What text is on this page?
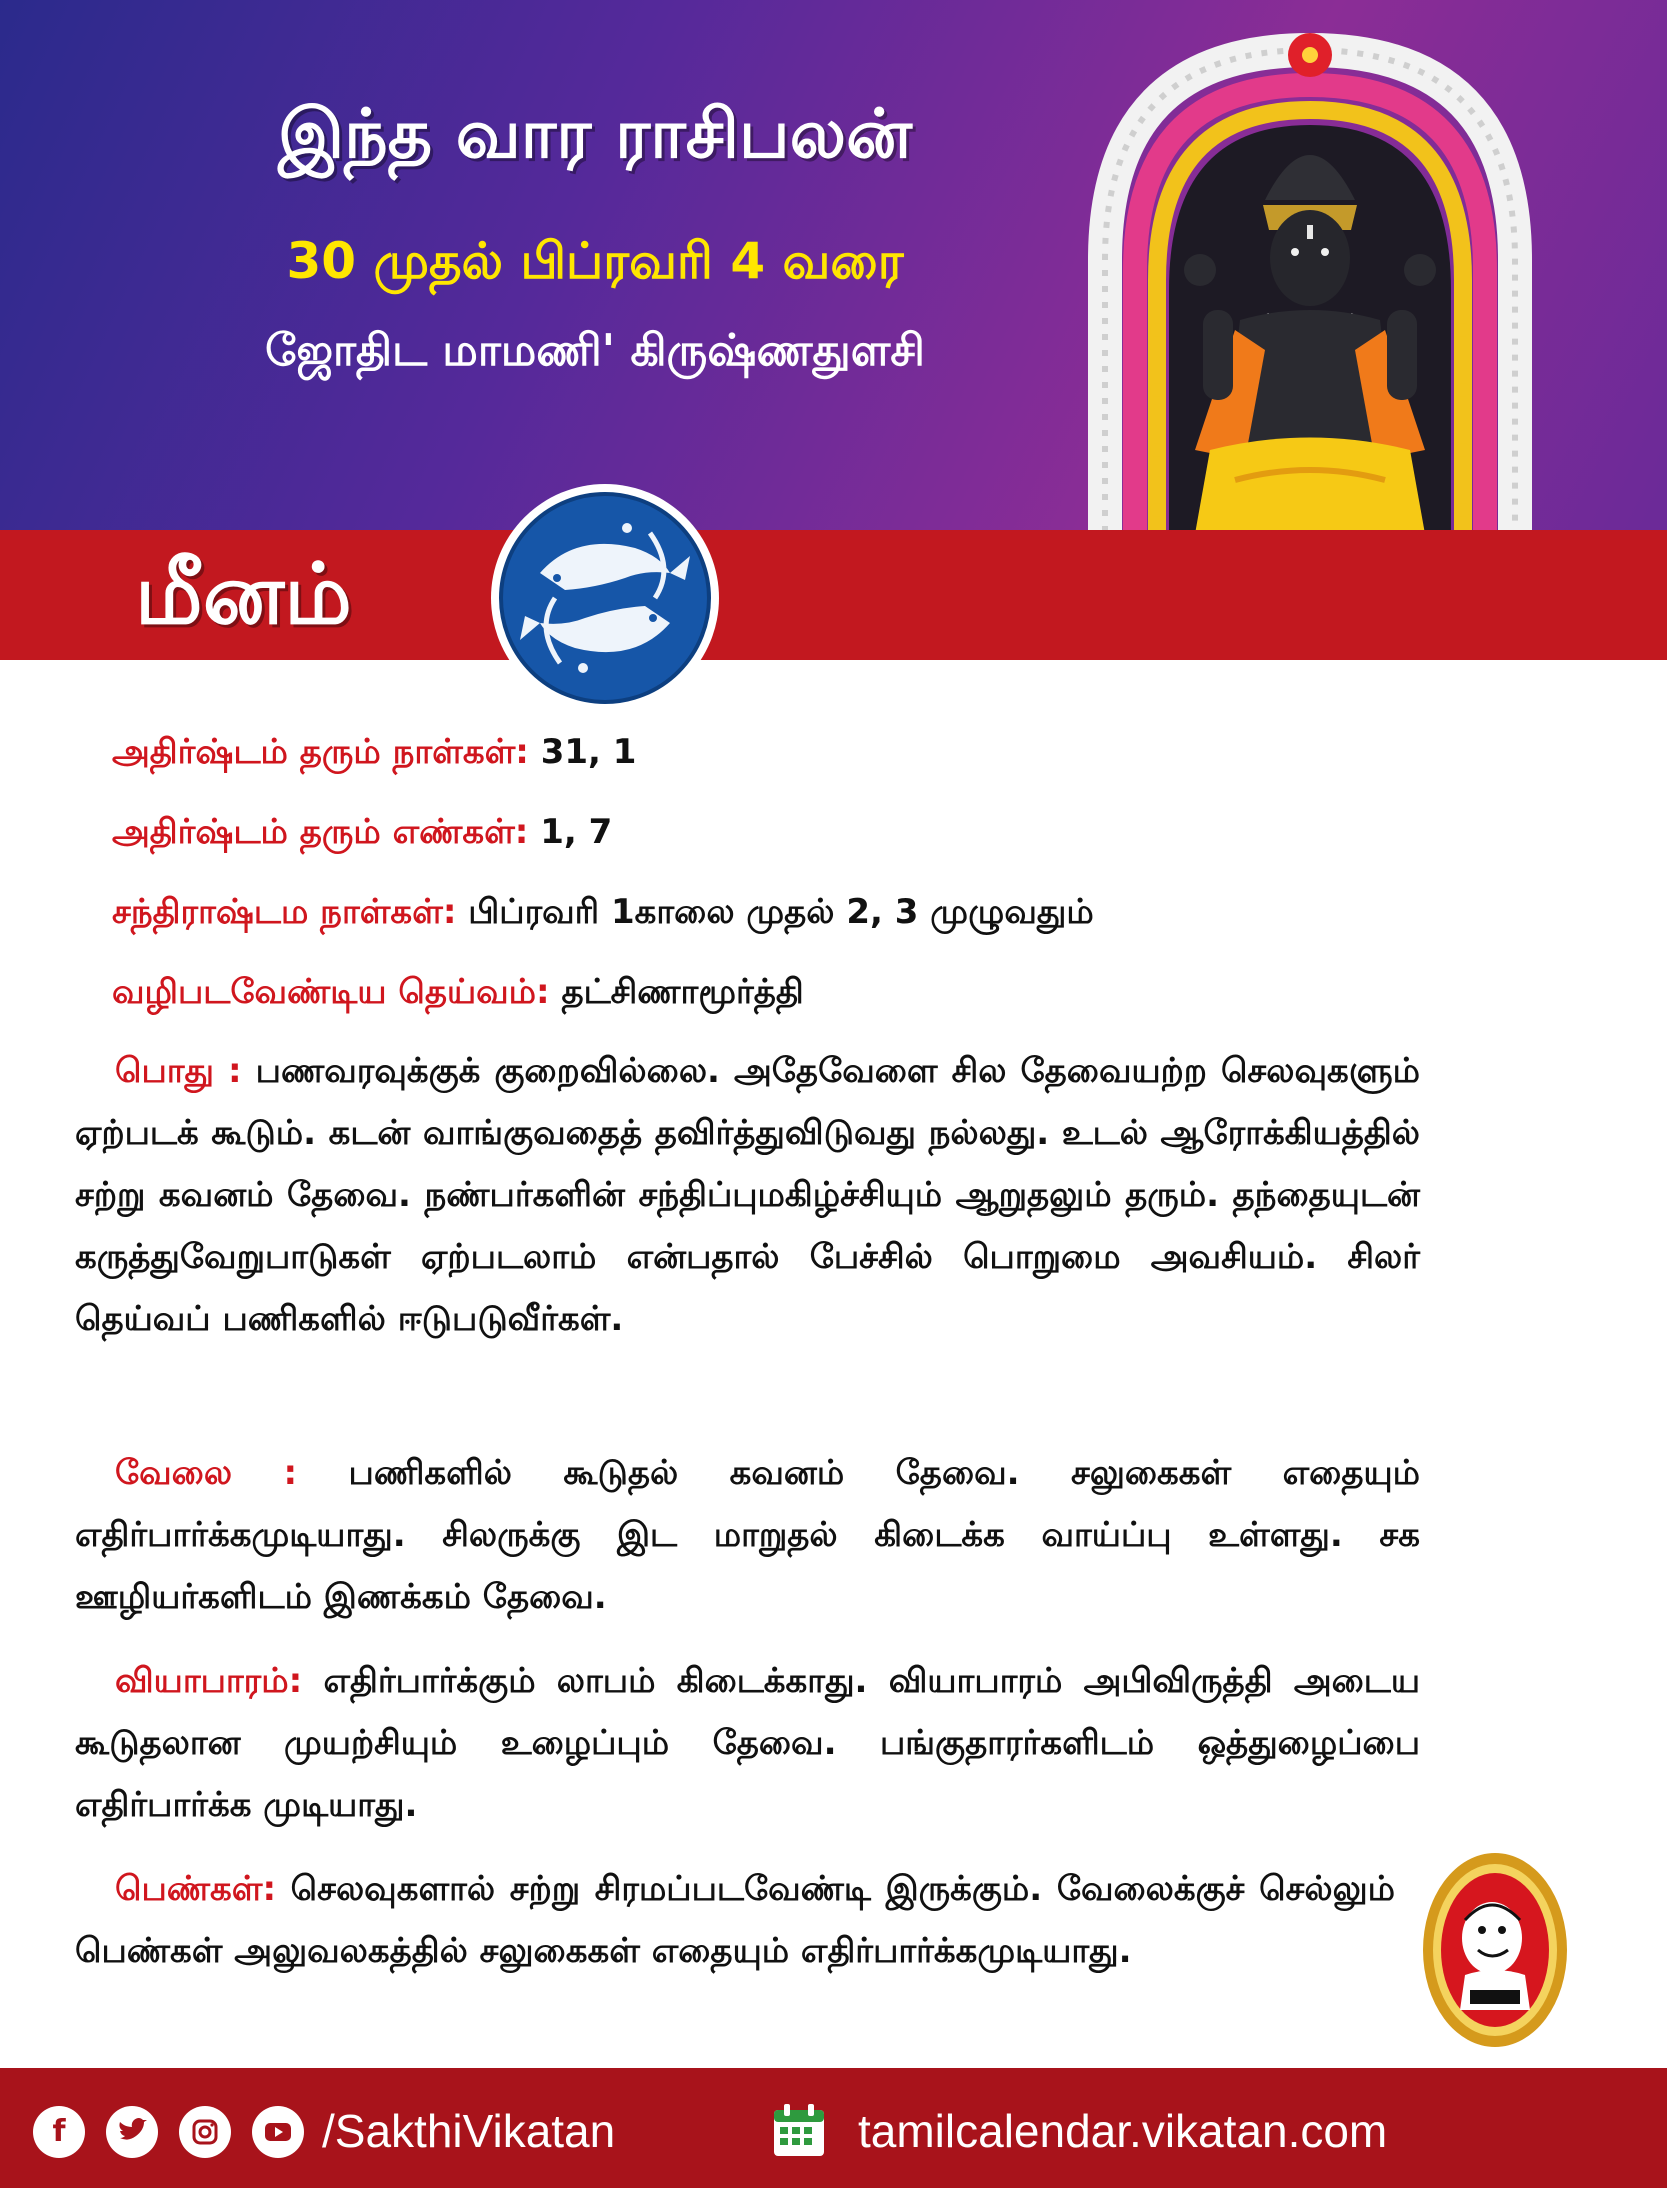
இந்த வார ராசிபலன்
30 முதல் பிப்ரவரி 4 வரை
ஜோதிட மாமணி' கிருஷ்ணதுளசி
மீனம்
அதிர்ஷ்டம் தரும் நாள்கள்: 31, 1
அதிர்ஷ்டம் தரும் எண்கள்: 1, 7
சந்திராஷ்டம நாள்கள்: பிப்ரவரி 1காலை முதல் 2, 3 முழுவதும்
வழிபடவேண்டிய தெய்வம்: தட்சிணாமூர்த்தி

பொது : பணவரவுக்குக் குறைவில்லை. அதேவேளை சில தேவையற்ற செலவுகளும் ஏற்படக் கூடும். கடன் வாங்குவதைத் தவிர்த்துவிடுவது நல்லது. உடல் ஆரோக்கியத்தில் சற்று கவனம் தேவை. நண்பர்களின் சந்திப்புமகிழ்ச்சியும் ஆறுதலும் தரும். தந்தையுடன் கருத்துவேறுபாடுகள் ஏற்படலாம் என்பதால் பேச்சில் பொறுமை அவசியம். சிலர் தெய்வப் பணிகளில் ஈடுபடுவீர்கள்.

வேலை : பணிகளில் கூடுதல் கவனம் தேவை. சலுகைகள் எதையும் எதிர்பார்க்கமுடியாது. சிலருக்கு இட மாறுதல் கிடைக்க வாய்ப்பு உள்ளது. சக ஊழியர்களிடம் இணக்கம் தேவை.

வியாபாரம்: எதிர்பார்க்கும் லாபம் கிடைக்காது. வியாபாரம் அபிவிருத்தி அடைய கூடுதலான முயற்சியும் உழைப்பும் தேவை. பங்குதாரர்களிடம் ஒத்துழைப்பை எதிர்பார்க்க முடியாது.

பெண்கள்: செலவுகளால் சற்று சிரமப்படவேண்டி இருக்கும். வேலைக்குச் செல்லும் பெண்கள் அலுவலகத்தில் சலுகைகள் எதையும் எதிர்பார்க்கமுடியாது.

f	/SakthiVikatan	tamilcalendar.vikatan.com
